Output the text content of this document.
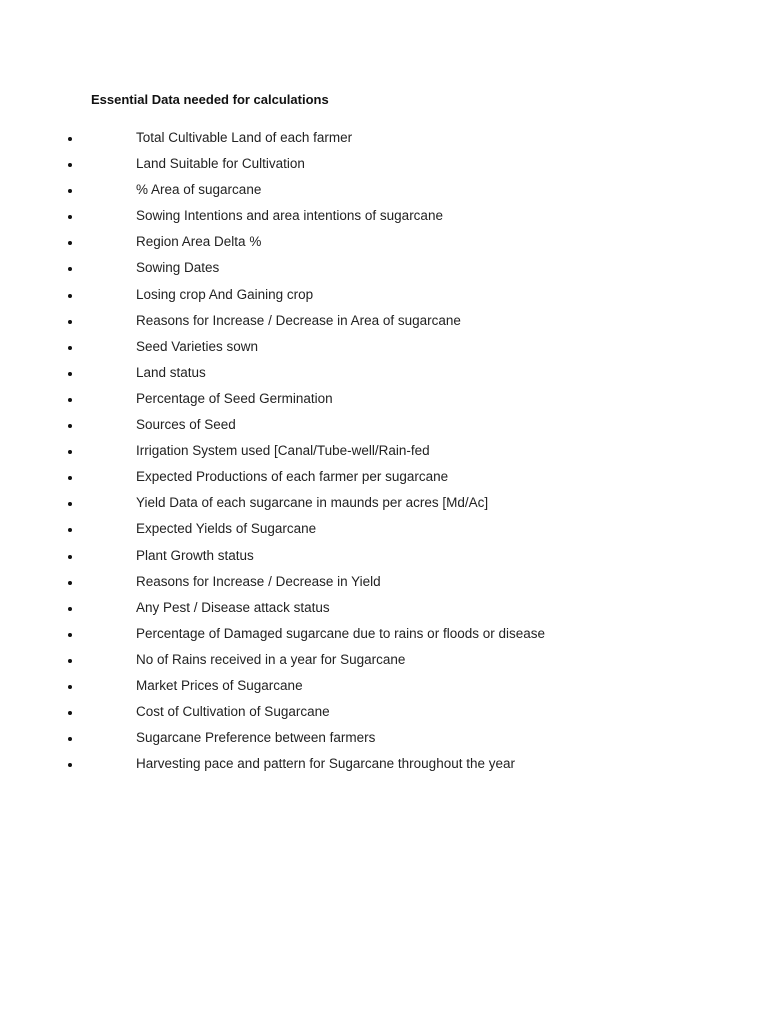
Essential Data needed for calculations
Total Cultivable Land of each farmer
Land Suitable for Cultivation
% Area of sugarcane
Sowing Intentions and area intentions of sugarcane
Region Area Delta %
Sowing Dates
Losing crop And Gaining crop
Reasons for Increase / Decrease in Area of sugarcane
Seed Varieties sown
Land status
Percentage of Seed Germination
Sources of Seed
Irrigation System used [Canal/Tube-well/Rain-fed
Expected Productions of each farmer per sugarcane
Yield Data of each sugarcane in maunds per acres [Md/Ac]
Expected Yields of Sugarcane
Plant Growth status
Reasons for Increase / Decrease in Yield
Any Pest / Disease attack status
Percentage of Damaged sugarcane due to rains or floods or disease
No of Rains received in a year for Sugarcane
Market Prices of Sugarcane
Cost of Cultivation of Sugarcane
Sugarcane Preference between farmers
Harvesting pace and pattern for Sugarcane throughout the year
